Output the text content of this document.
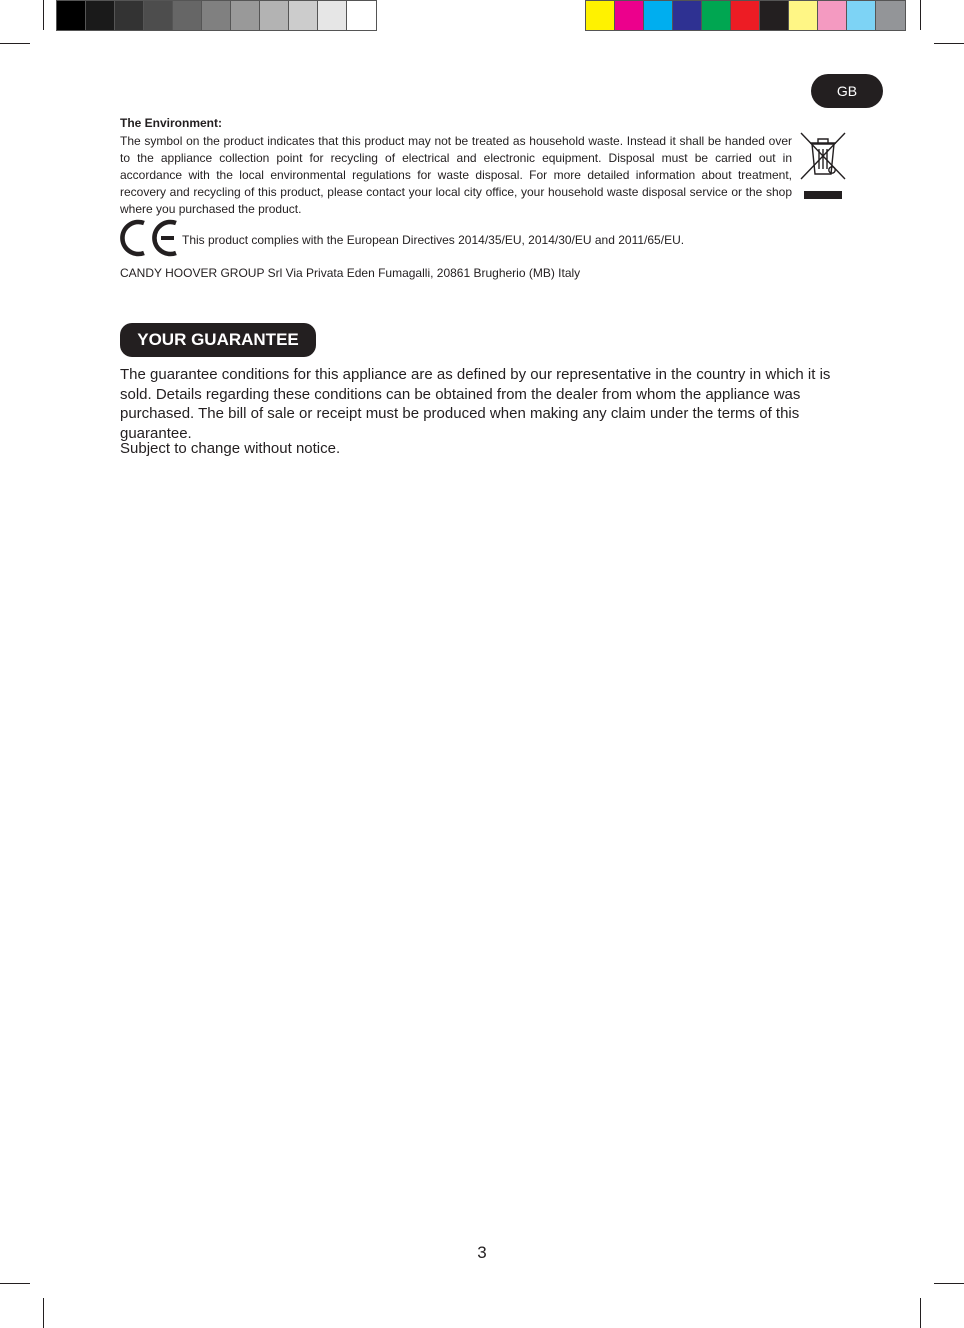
GB
The Environment:

The symbol on the product indicates that this product may not be treated as household waste. Instead it shall be handed over to the appliance collection point for recycling of electrical and electronic equipment. Disposal must be carried out in accordance with the local environmental regulations for waste disposal. For more detailed information about treatment, recovery and recycling of this product, please contact your local city office, your household waste disposal service or the shop where you purchased the product.

This product complies with the European Directives 2014/35/EU, 2014/30/EU and 2011/65/EU.
CANDY HOOVER GROUP Srl Via Privata Eden Fumagalli, 20861 Brugherio (MB) Italy
YOUR GUARANTEE

The guarantee conditions for this appliance are as defined by our representative in the country in which it is sold. Details regarding these conditions can be obtained from the dealer from whom the appliance was purchased. The bill of sale or receipt must be produced when making any claim under the terms of this guarantee.

Subject to change without notice.
3
